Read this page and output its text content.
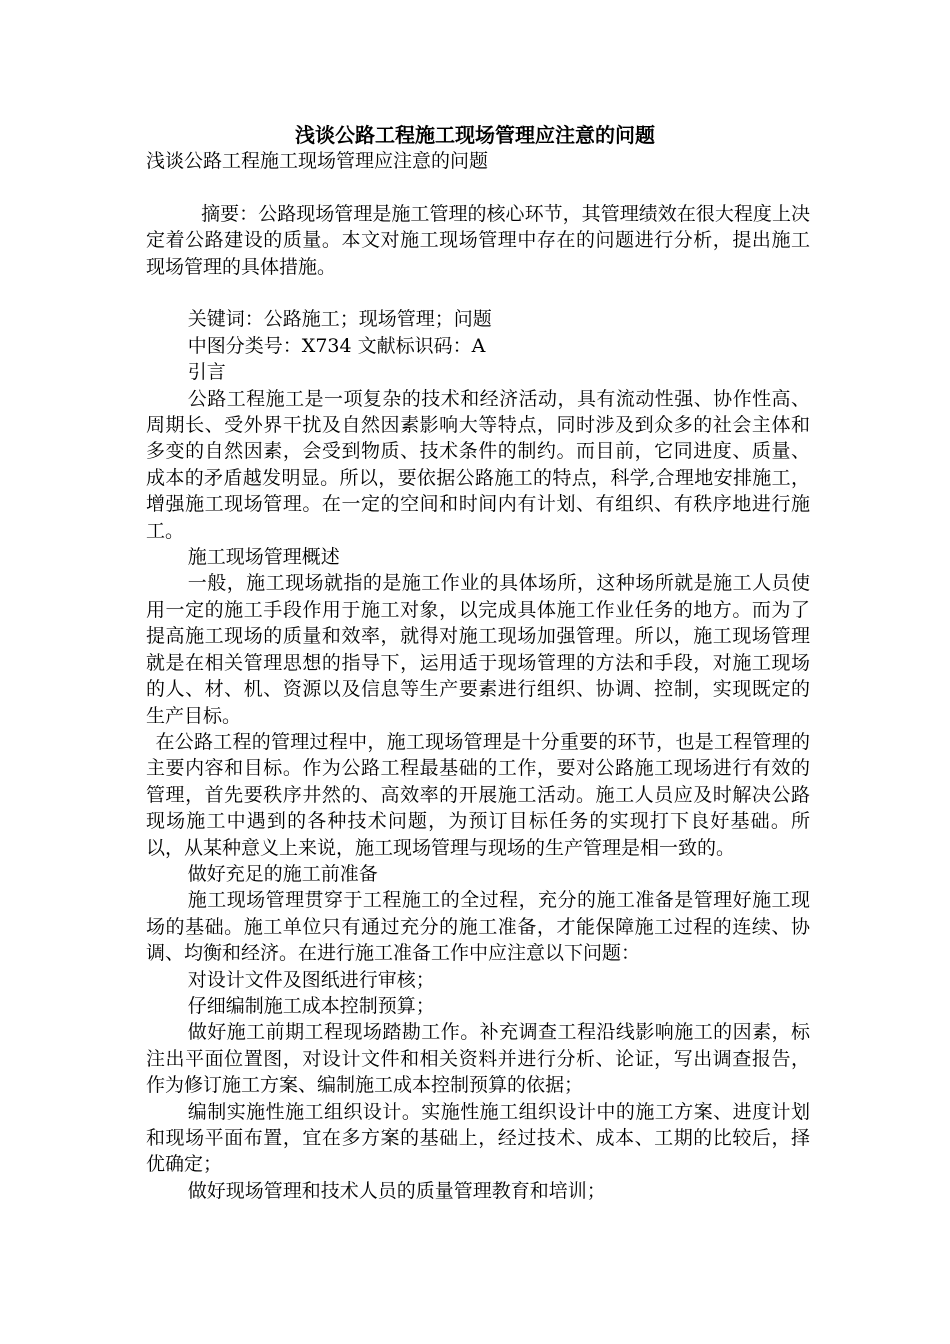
浅谈公路工程施工现场管理应注意的问题

浅谈公路工程施工现场管理应注意的问题

摘要：公路现场管理是施工管理的核心环节，其管理绩效在很大程度上决定着公路建设的质量。本文对施工现场管理中存在的问题进行分析，提出施工现场管理的具体措施。

关键词：公路施工；现场管理；问题

中图分类号：X734 文献标识码：A

引言

公路工程施工是一项复杂的技术和经济活动，具有流动性强、协作性高、周期长、受外界干扰及自然因素影响大等特点，同时涉及到众多的社会主体和多变的自然因素，会受到物质、技术条件的制约。而目前，它同进度、质量、成本的矛盾越发明显。所以，要依据公路施工的特点，科学,合理地安排施工，增强施工现场管理。在一定的空间和时间内有计划、有组织、有秩序地进行施工。

施工现场管理概述

一般，施工现场就指的是施工作业的具体场所，这种场所就是施工人员使用一定的施工手段作用于施工对象，以完成具体施工作业任务的地方。而为了提高施工现场的质量和效率，就得对施工现场加强管理。所以，施工现场管理就是在相关管理思想的指导下，运用适于现场管理的方法和手段，对施工现场的人、材、机、资源以及信息等生产要素进行组织、协调、控制，实现既定的生产目标。

在公路工程的管理过程中，施工现场管理是十分重要的环节，也是工程管理的主要内容和目标。作为公路工程最基础的工作，要对公路施工现场进行有效的管理，首先要秩序井然的、高效率的开展施工活动。施工人员应及时解决公路现场施工中遇到的各种技术问题，为预订目标任务的实现打下良好基础。所以，从某种意义上来说，施工现场管理与现场的生产管理是相一致的。

做好充足的施工前准备

施工现场管理贯穿于工程施工的全过程，充分的施工准备是管理好施工现场的基础。施工单位只有通过充分的施工准备，才能保障施工过程的连续、协调、均衡和经济。在进行施工准备工作中应注意以下问题：

对设计文件及图纸进行审核；

仔细编制施工成本控制预算；

做好施工前期工程现场踏勘工作。补充调查工程沿线影响施工的因素，标注出平面位置图，对设计文件和相关资料并进行分析、论证，写出调查报告，作为修订施工方案、编制施工成本控制预算的依据；

编制实施性施工组织设计。实施性施工组织设计中的施工方案、进度计划和现场平面布置，宜在多方案的基础上，经过技术、成本、工期的比较后，择优确定；

做好现场管理和技术人员的质量管理教育和培训；
